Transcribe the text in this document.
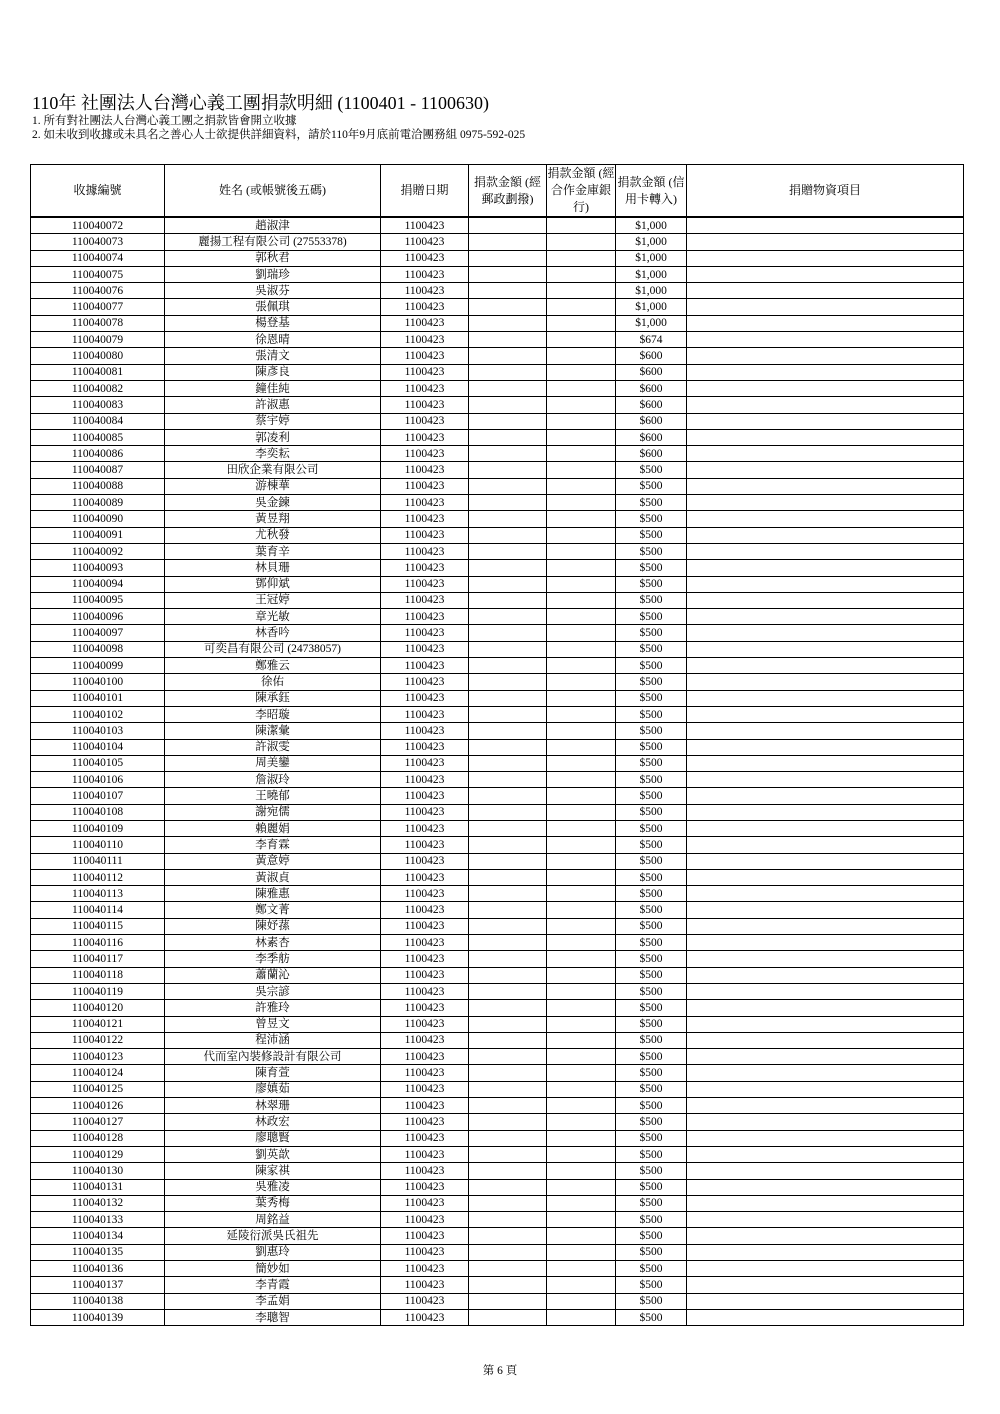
110年 社團法人台灣心義工團捐款明細 (1100401 - 1100630)
1. 所有對社團法人台灣心義工團之捐款皆會開立收據
2. 如未收到收據或未具名之善心人士欲提供詳細資料，請於110年9月底前電洽團務組 0975-592-025
收據編號	姓名 (或帳號後五碼)	捐贈日期	捐款金額 (經郵政劃撥)	捐款金額 (經合作金庫銀行)	捐款金額 (信用卡轉入)	捐贈物資項目
110040072	趙淑津	1100423			$1,000	
110040073	麗揚工程有限公司 (27553378)	1100423			$1,000	
110040074	郭秋君	1100423			$1,000	
110040075	劉瑞珍	1100423			$1,000	
110040076	吳淑芬	1100423			$1,000	
110040077	張佩琪	1100423			$1,000	
110040078	楊登基	1100423			$1,000	
110040079	徐恩晴	1100423			$674	
110040080	張清文	1100423			$600	
110040081	陳彥良	1100423			$600	
110040082	鐘佳純	1100423			$600	
110040083	許淑惠	1100423			$600	
110040084	蔡宇婷	1100423			$600	
110040085	郭凌利	1100423			$600	
110040086	李奕耘	1100423			$600	
110040087	田欣企業有限公司	1100423			$500	
110040088	游棟華	1100423			$500	
110040089	吳金鍊	1100423			$500	
110040090	黃昱翔	1100423			$500	
110040091	尤秋發	1100423			$500	
110040092	葉育辛	1100423			$500	
110040093	林貝珊	1100423			$500	
110040094	鄧仰斌	1100423			$500	
110040095	王冠婷	1100423			$500	
110040096	章光敏	1100423			$500	
110040097	林香吟	1100423			$500	
110040098	可奕昌有限公司 (24738057)	1100423			$500	
110040099	鄭雅云	1100423			$500	
110040100	徐佑	1100423			$500	
110040101	陳承鈺	1100423			$500	
110040102	李昭璇	1100423			$500	
110040103	陳潔彙	1100423			$500	
110040104	許淑雯	1100423			$500	
110040105	周美鑾	1100423			$500	
110040106	詹淑玲	1100423			$500	
110040107	王曉郁	1100423			$500	
110040108	謝宛儒	1100423			$500	
110040109	賴麗娟	1100423			$500	
110040110	李育霖	1100423			$500	
110040111	黃意婷	1100423			$500	
110040112	黃淑貞	1100423			$500	
110040113	陳雅惠	1100423			$500	
110040114	鄭文菁	1100423			$500	
110040115	陳妤蓀	1100423			$500	
110040116	林素杏	1100423			$500	
110040117	李季舫	1100423			$500	
110040118	蕭蘭沁	1100423			$500	
110040119	吳宗諺	1100423			$500	
110040120	許雅玲	1100423			$500	
110040121	曾昱文	1100423			$500	
110040122	程沛涵	1100423			$500	
110040123	代而室內裝修設計有限公司	1100423			$500	
110040124	陳育萱	1100423			$500	
110040125	廖嫃茹	1100423			$500	
110040126	林翠珊	1100423			$500	
110040127	林政宏	1100423			$500	
110040128	廖聰賢	1100423			$500	
110040129	劉英歆	1100423			$500	
110040130	陳家祺	1100423			$500	
110040131	吳雅凌	1100423			$500	
110040132	葉秀梅	1100423			$500	
110040133	周銘益	1100423			$500	
110040134	延陵衍派吳氏祖先	1100423			$500	
110040135	劉惠玲	1100423			$500	
110040136	簡妙如	1100423			$500	
110040137	李青霞	1100423			$500	
110040138	李孟娟	1100423			$500	
110040139	李聰智	1100423			$500	
第 6 頁
